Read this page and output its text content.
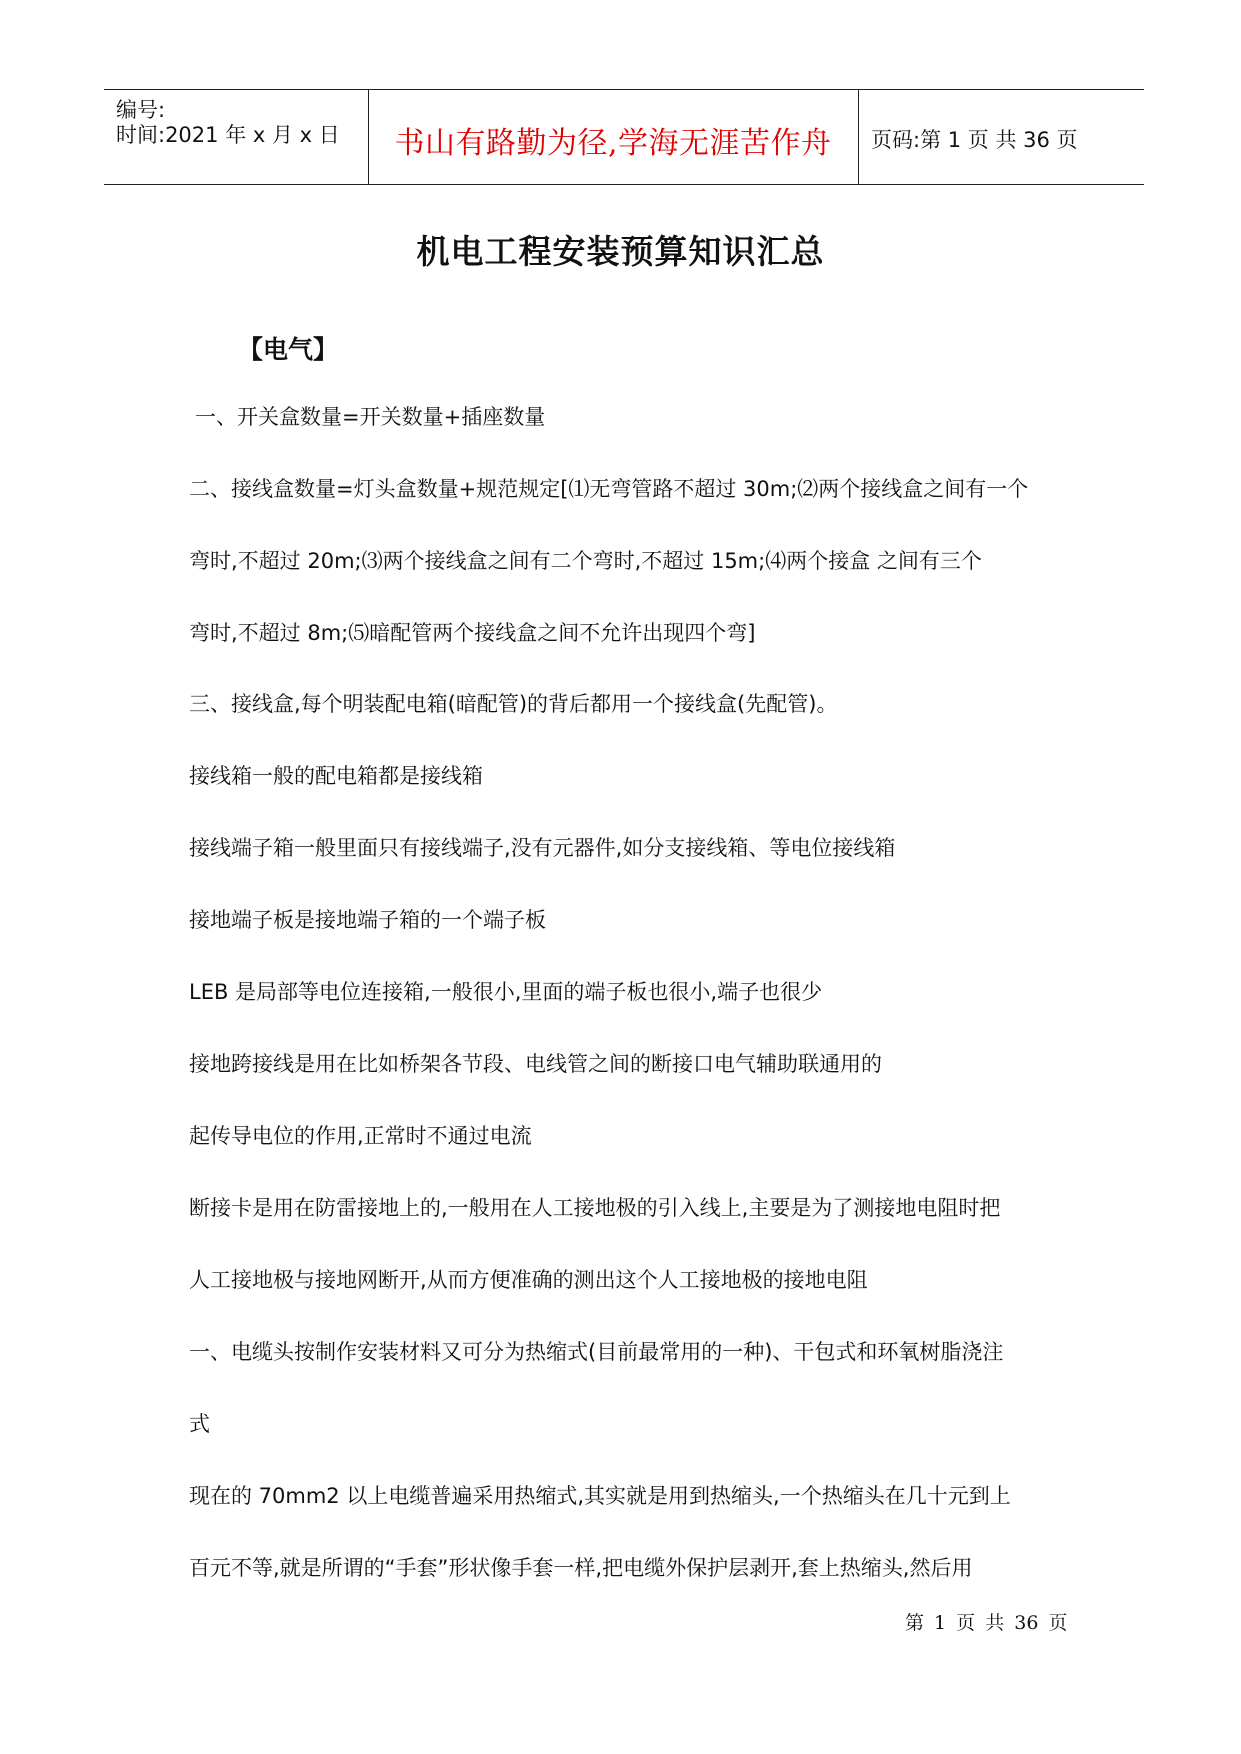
编号:
时间:2021 年 x 月 x 日	书山有路勤为径,学海无涯苦作舟	页码:第 1 页 共 36 页
机电工程安装预算知识汇总
【电气】
一、开关盒数量=开关数量+插座数量
二、接线盒数量=灯头盒数量+规范规定[⑴无弯管路不超过 30m;⑵两个接线盒之间有一个
弯时,不超过 20m;⑶两个接线盒之间有二个弯时,不超过 15m;⑷两个接盒 之间有三个
弯时,不超过 8m;⑸暗配管两个接线盒之间不允许出现四个弯]
三、接线盒,每个明装配电箱(暗配管)的背后都用一个接线盒(先配管)。
接线箱一般的配电箱都是接线箱
接线端子箱一般里面只有接线端子,没有元器件,如分支接线箱、等电位接线箱
接地端子板是接地端子箱的一个端子板
LEB 是局部等电位连接箱,一般很小,里面的端子板也很小,端子也很少
接地跨接线是用在比如桥架各节段、电线管之间的断接口电气辅助联通用的
起传导电位的作用,正常时不通过电流
断接卡是用在防雷接地上的,一般用在人工接地极的引入线上,主要是为了测接地电阻时把
人工接地极与接地网断开,从而方便准确的测出这个人工接地极的接地电阻
一、电缆头按制作安装材料又可分为热缩式(目前最常用的一种)、干包式和环氧树脂浇注
式
现在的 70mm2 以上电缆普遍采用热缩式,其实就是用到热缩头,一个热缩头在几十元到上
百元不等,就是所谓的“手套”形状像手套一样,把电缆外保护层剥开,套上热缩头,然后用
第 1 页 共 36 页
